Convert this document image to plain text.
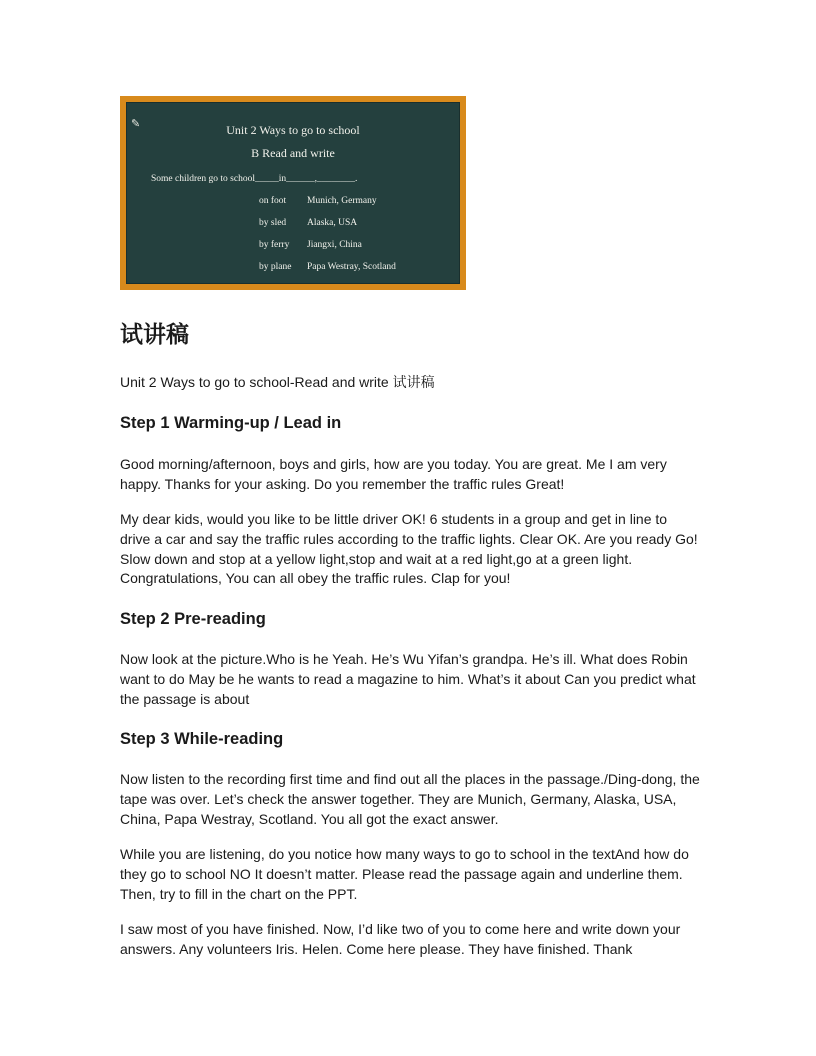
✎	Unit 2 Ways to go to school
B Read and write
Some children go to school_____in______,________.
on foot Munich, Germany
by sled Alaska, USA
by ferry Jiangxi, China
by plane Papa Westray, Scotland
试讲稿

Unit 2 Ways to go to school-Read and write 试讲稿

Step 1 Warming-up / Lead in

Good morning/afternoon, boys and girls, how are you today. You are great. Me I am very happy. Thanks for your asking. Do you remember the traffic rules Great!

My dear kids, would you like to be little driver OK! 6 students in a group and get in line to drive a car and say the traffic rules according to the traffic lights. Clear OK. Are you ready Go! Slow down and stop at a yellow light,stop and wait at a red light,go at a green light. Congratulations, You can all obey the traffic rules. Clap for you!

Step 2 Pre-reading

Now look at the picture.Who is he Yeah. He’s Wu Yifan’s grandpa. He’s ill. What does Robin want to do May be he wants to read a magazine to him. What’s it about Can you predict what the passage is about

Step 3 While-reading

Now listen to the recording first time and find out all the places in the passage./Ding-dong, the tape was over. Let’s check the answer together. They are Munich, Germany, Alaska, USA, China, Papa Westray, Scotland. You all got the exact answer.

While you are listening, do you notice how many ways to go to school in the textAnd how do they go to school NO It doesn’t matter. Please read the passage again and underline them. Then, try to fill in the chart on the PPT.

I saw most of you have finished. Now, I’d like two of you to come here and write down your answers. Any volunteers Iris. Helen. Come here please. They have finished. Thank
